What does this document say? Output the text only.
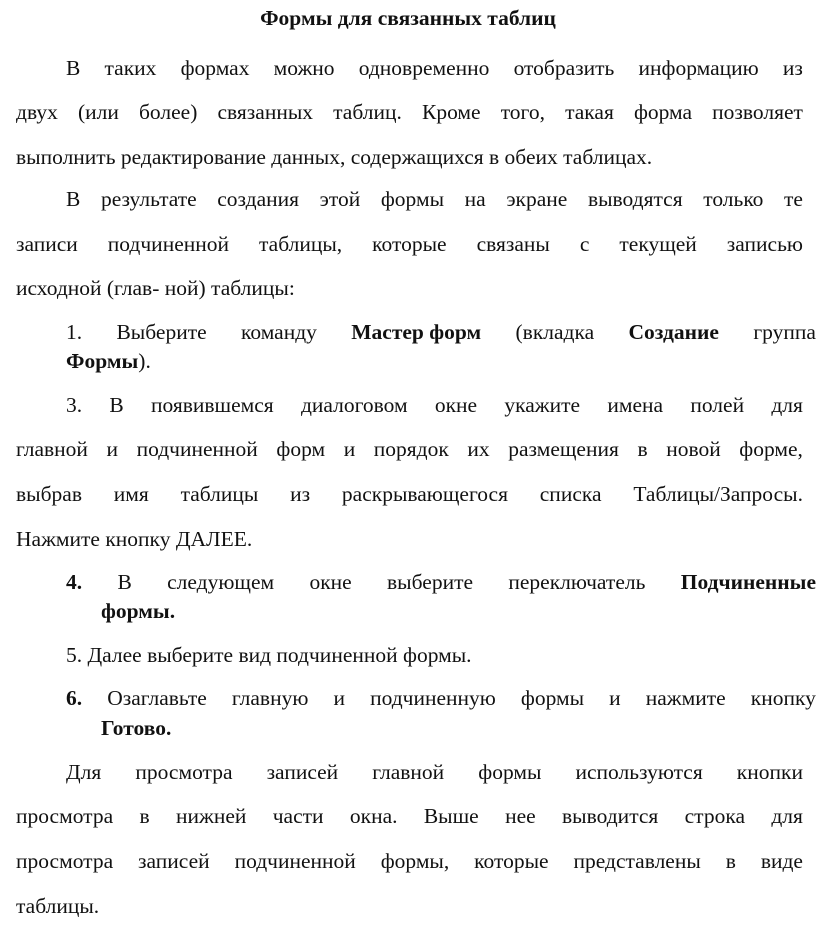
Формы для связанных таблиц
В таких формах можно одновременно отобразить информацию из
двух (или более) связанных таблиц. Кроме того, такая форма позволяет
выполнить редактирование данных, содержащихся в обеих таблицах.
В результате создания этой формы на экране выводятся только те
записи подчиненной таблицы, которые связаны с текущей записью
исходной (глав- ной) таблицы:
1. Выберите команду Мастер форм (вкладка Создание группа
Формы).
3. В появившемся диалоговом окне укажите имена полей для
главной и подчиненной форм и порядок их размещения в новой форме,
выбрав имя таблицы из раскрывающегося списка Таблицы/Запросы.
Нажмите кнопку ДАЛЕЕ.
4. В следующем окне выберите переключатель Подчиненные
формы.
5. Далее выберите вид подчиненной формы.
6. Озаглавьте главную и подчиненную формы и нажмите кнопку
Готово.
Для просмотра записей главной формы используются кнопки
просмотра в нижней части окна. Выше нее выводится строка для
просмотра записей подчиненной формы, которые представлены в виде
таблицы.
